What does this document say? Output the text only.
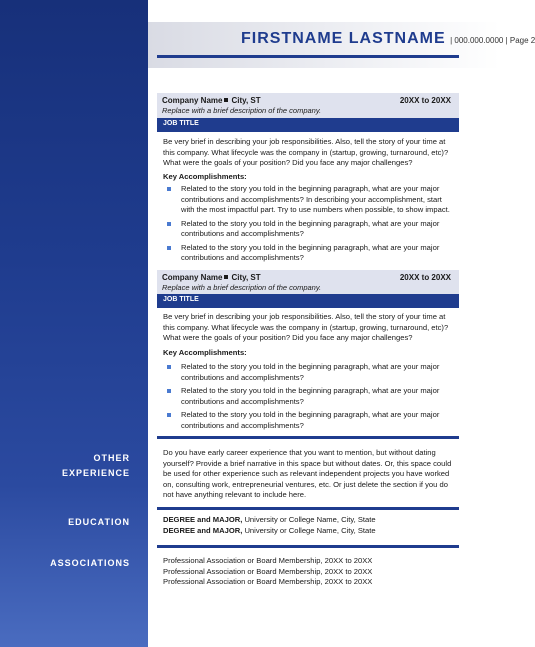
FIRSTNAME LASTNAME | 000.000.0000 | Page 2
Company Name City, ST	20XX to 20XX
Replace with a brief description of the company.
JOB TITLE
Be very brief in describing your job responsibilities. Also, tell the story of your time at this company. What lifecycle was the company in (startup, growing, turnaround, etc)? What were the goals of your position? Did you face any major challenges?
Key Accomplishments:
Related to the story you told in the beginning paragraph, what are your major contributions and accomplishments? In describing your accomplishment, start with the most impactful part. Try to use numbers when possible, to show impact.
Related to the story you told in the beginning paragraph, what are your major contributions and accomplishments?
Related to the story you told in the beginning paragraph, what are your major contributions and accomplishments?
Company Name City, ST	20XX to 20XX
Replace with a brief description of the company.
JOB TITLE
Be very brief in describing your job responsibilities. Also, tell the story of your time at this company. What lifecycle was the company in (startup, growing, turnaround, etc)? What were the goals of your position? Did you face any major challenges?
Key Accomplishments:
Related to the story you told in the beginning paragraph, what are your major contributions and accomplishments?
Related to the story you told in the beginning paragraph, what are your major contributions and accomplishments?
Related to the story you told in the beginning paragraph, what are your major contributions and accomplishments?
OTHER
EXPERIENCE
Do you have early career experience that you want to mention, but without dating yourself? Provide a brief narrative in this space but without dates. Or, this space could be used for other experience such as relevant independent projects you have worked on, consulting work, entrepreneurial ventures, etc. Or just delete the section if you do not have anything relevant to include here.
EDUCATION	DEGREE and MAJOR, University or College Name, City, State
DEGREE and MAJOR, University or College Name, City, State
ASSOCIATIONS	Professional Association or Board Membership, 20XX to 20XX
Professional Association or Board Membership, 20XX to 20XX
Professional Association or Board Membership, 20XX to 20XX
